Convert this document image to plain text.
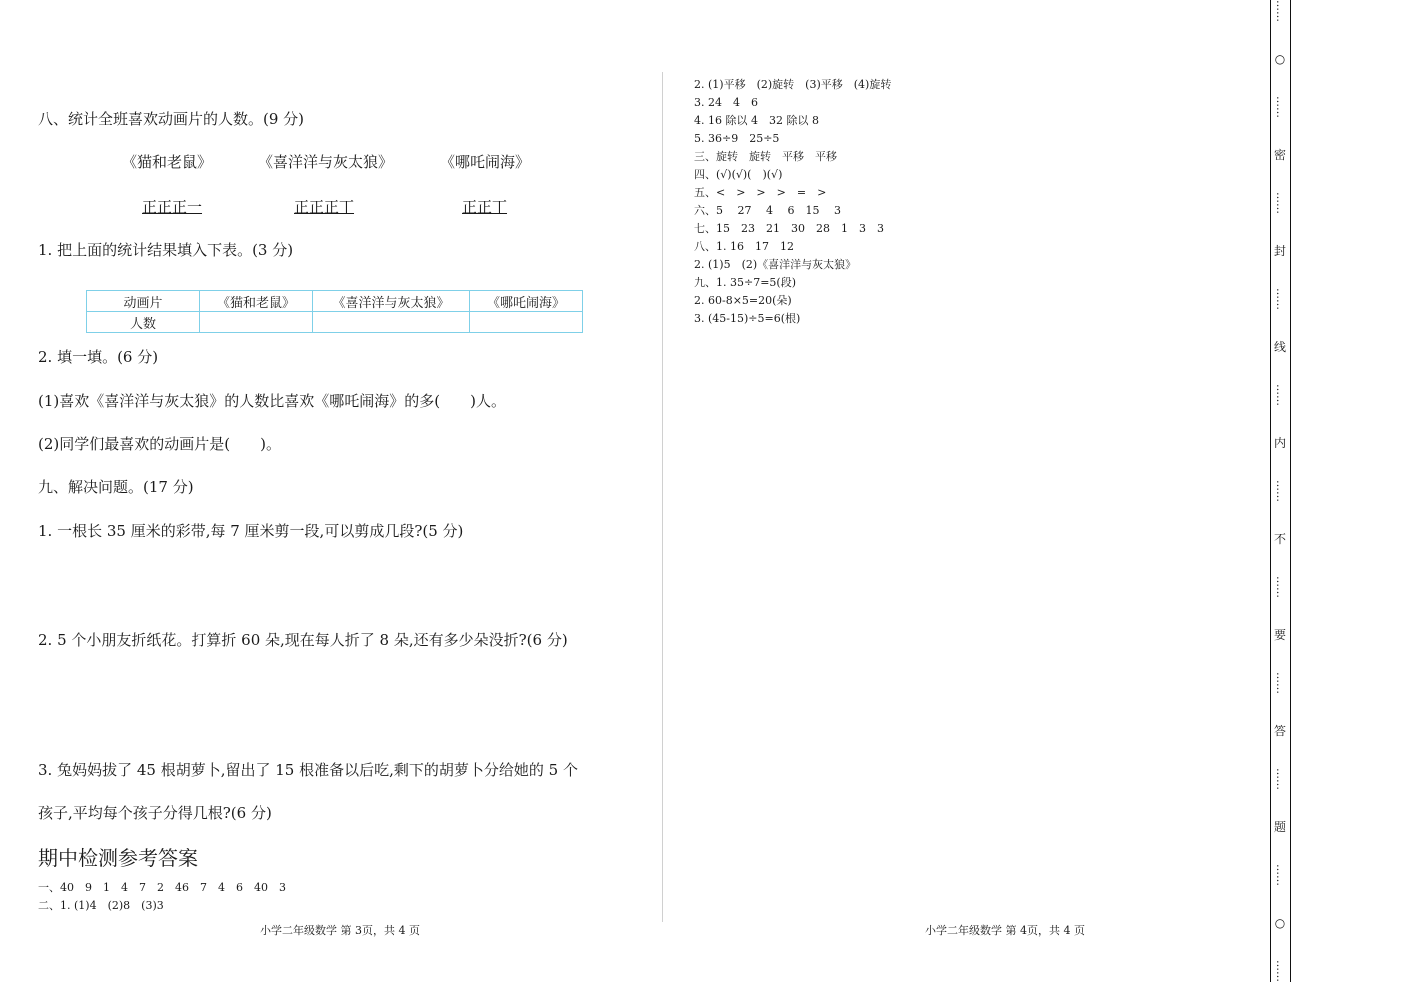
八、统计全班喜欢动画片的人数。(9 分)
《猫和老鼠》	《喜洋洋与灰太狼》	《哪吒闹海》
正正正一	正正正丅	正正丅
1. 把上面的统计结果填入下表。(3 分)
动画片	《猫和老鼠》	《喜洋洋与灰太狼》	《哪吒闹海》
人数			
2. 填一填。(6 分)
(1)喜欢《喜洋洋与灰太狼》的人数比喜欢《哪吒闹海》的多(　　)人。
(2)同学们最喜欢的动画片是(　　)。
九、解决问题。(17 分)
1. 一根长 35 厘米的彩带,每 7 厘米剪一段,可以剪成几段?(5 分)
2. 5 个小朋友折纸花。打算折 60 朵,现在每人折了 8 朵,还有多少朵没折?(6 分)
3. 兔妈妈拔了 45 根胡萝卜,留出了 15 根准备以后吃,剩下的胡萝卜分给她的 5 个
孩子,平均每个孩子分得几根?(6 分)
期中检测参考答案
一、40　9　1　4　7　2　46　7　4　6　40　3
二、1. (1)4　(2)8　(3)3
小学二年级数学 第 3页，共 4 页
2. (1)平移　(2)旋转　(3)平移　(4)旋转
3. 24　4　6
4. 16 除以 4　32 除以 8
5. 36÷9　25÷5
三、旋转　旋转　平移　平移
四、(√)(√)(　)(√)
五、<　>　>　>　=　>
六、5　 27　 4　 6　15　 3
七、15　23　21　30　28　1　3　3
八、1. 16　17　12
2. (1)5　(2)《喜洋洋与灰太狼》
九、1. 35÷7=5(段)
2. 60-8×5=20(朵)
3. (45-15)÷5=6(根)
小学二年级数学 第 4页，共 4 页
……
○
……
密
……
封
……
线
……
内
……
不
……
要
……
答
……
题
……
○
……
